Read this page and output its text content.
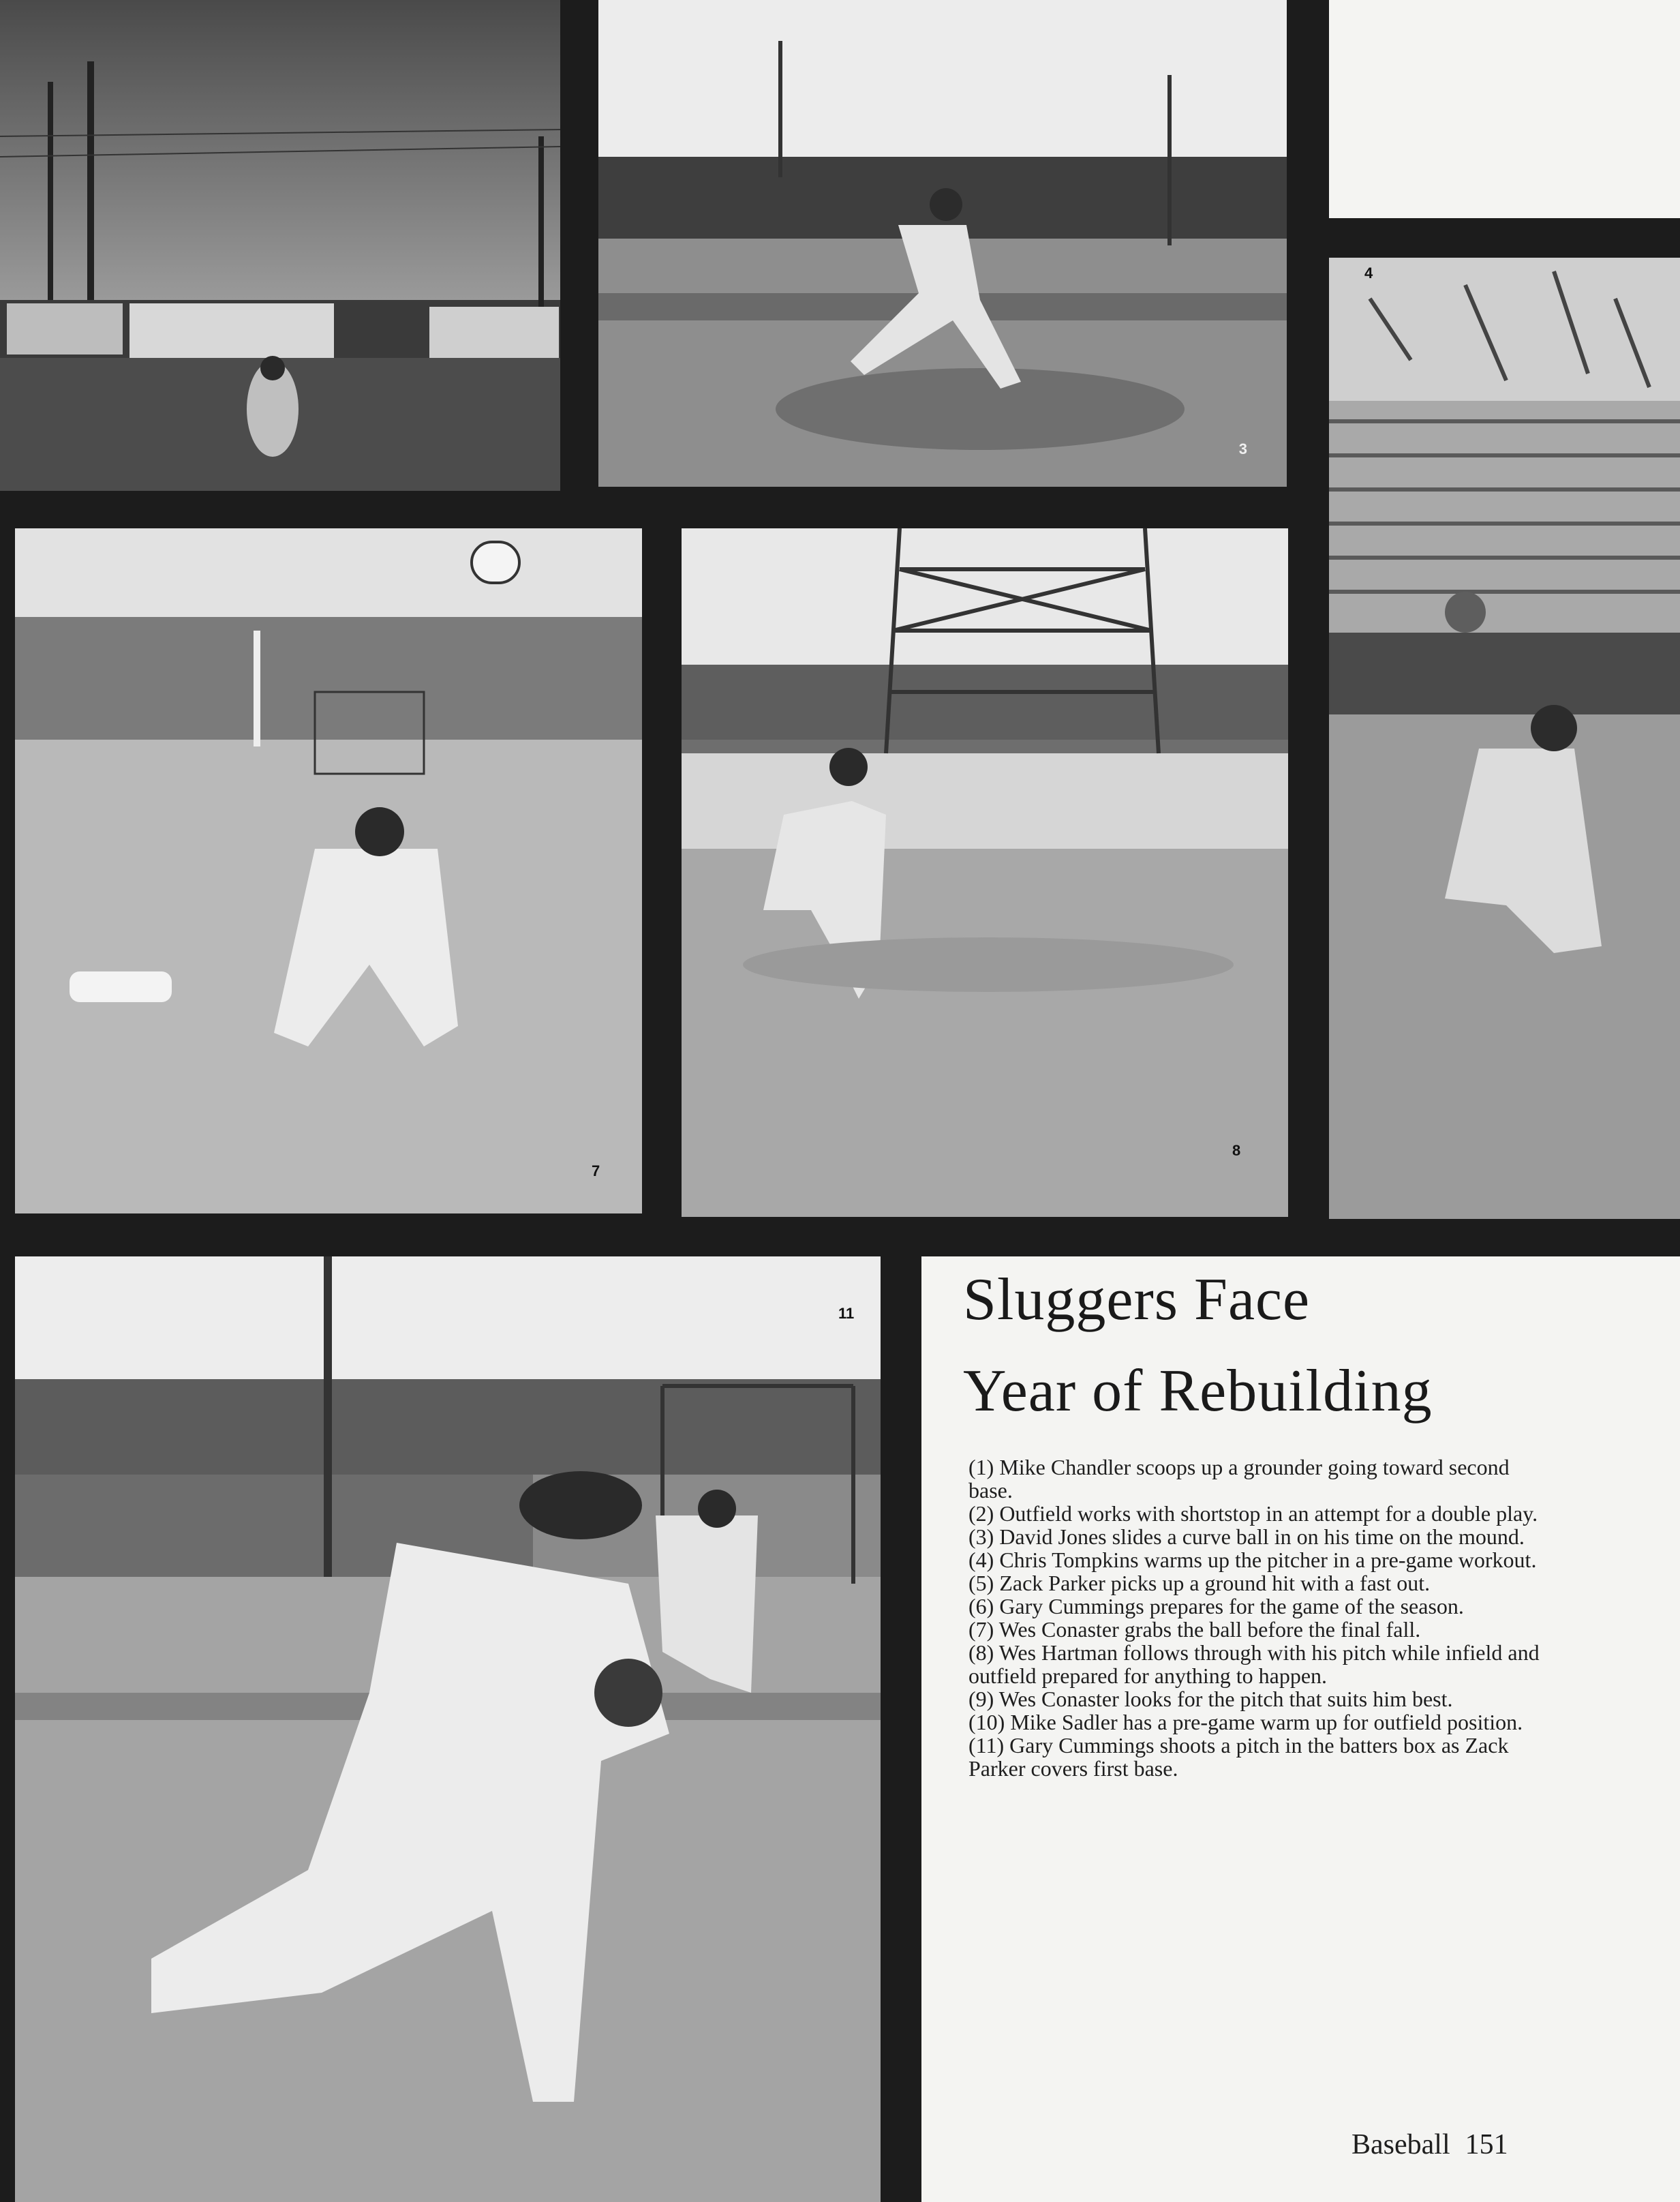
3
4
7
8
11 Sluggers Face
Year of Rebuilding
(1) Mike Chandler scoops up a grounder going toward second base.
(2) Outfield works with shortstop in an attempt for a double play.
(3) David Jones slides a curve ball in on his time on the mound.
(4) Chris Tompkins warms up the pitcher in a pre-game workout.
(5) Zack Parker picks up a ground hit with a fast out.
(6) Gary Cummings prepares for the game of the season.
(7) Wes Conaster grabs the ball before the final fall.
(8) Wes Hartman follows through with his pitch while infield and outfield prepared for anything to happen.
(9) Wes Conaster looks for the pitch that suits him best.
(10) Mike Sadler has a pre-game warm up for outfield position.
(11) Gary Cummings shoots a pitch in the batters box as Zack Parker covers first base.
Baseball 151
